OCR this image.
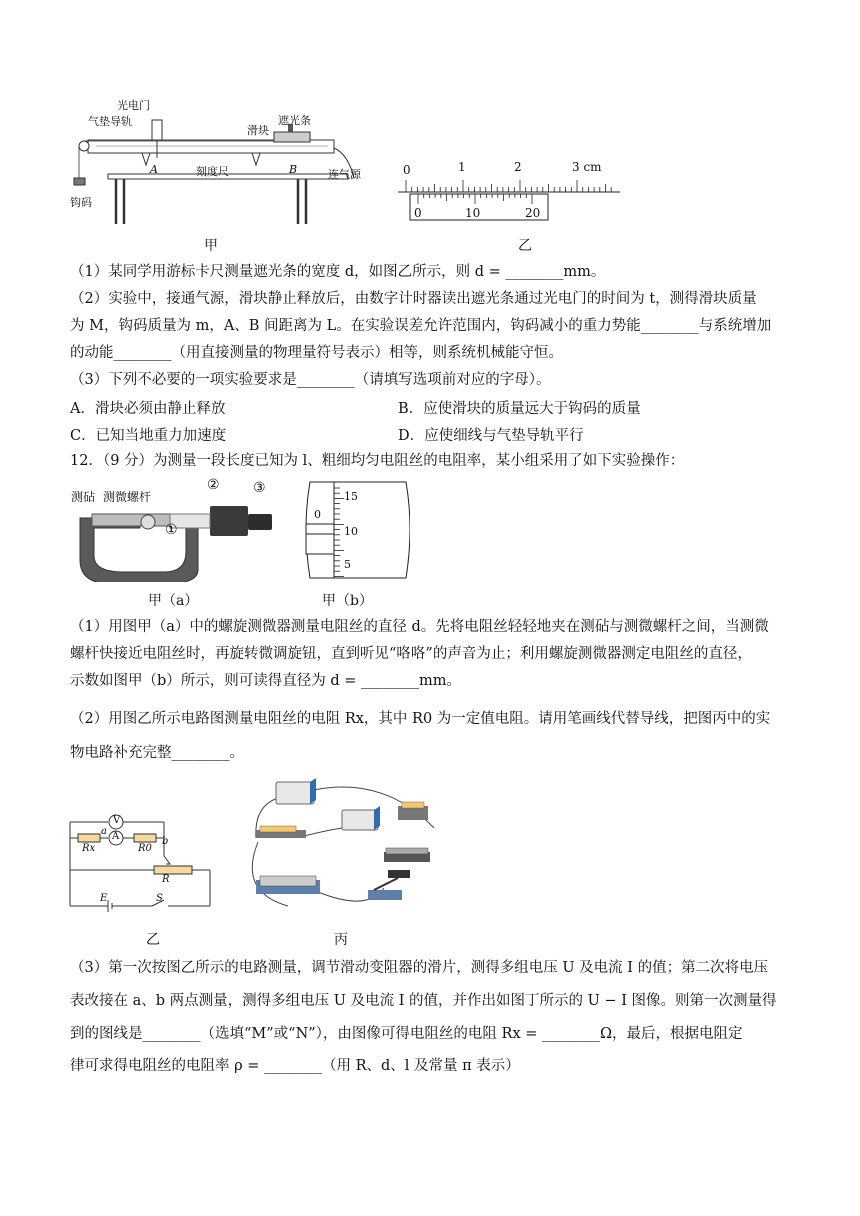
光电门
气垫导轨	遮光条
滑块
A	B
刻度尺	连气源
钩码
甲
0	1	2	3 cm
0	10	20
乙
（1）某同学用游标卡尺测量遮光条的宽度 d，如图乙所示，则 d = ________mm。
（2）实验中，接通气源，滑块静止释放后，由数字计时器读出遮光条通过光电门的时间为 t，测得滑块质量
为 M，钩码质量为 m，A、B 间距离为 L。在实验误差允许范围内，钩码减小的重力势能________与系统增加
的动能________（用直接测量的物理量符号表示）相等，则系统机械能守恒。
（3）下列不必要的一项实验要求是________（请填写选项前对应的字母）。
A．滑块必须由静止释放	B．应使滑块的质量远大于钩码的质量
C．已知当地重力加速度	D．应使细线与气垫导轨平行
12．（9 分）为测量一段长度已知为 l、粗细均匀电阻丝的电阻率，某小组采用了如下实验操作：
测砧 测微螺杆
② ③
①
甲（a）
15
10
5
0
甲（b）
（1）用图甲（a）中的螺旋测微器测量电阻丝的直径 d。先将电阻丝轻轻地夹在测砧与测微螺杆之间，当测微
螺杆快接近电阻丝时，再旋转微调旋钮，直到听见“咯咯”的声音为止；利用螺旋测微器测定电阻丝的直径，
示数如图甲（b）所示，则可读得直径为 d = ________mm。
（2）用图乙所示电路图测量电阻丝的电阻 Rx，其中 R0 为一定值电阻。请用笔画线代替导线，把图丙中的实
物电路补充完整________。
V
A
a
b
Rx	R0
R
E	S
乙	丙
（3）第一次按图乙所示的电路测量，调节滑动变阻器的滑片，测得多组电压 U 及电流 I 的值；第二次将电压
表改接在 a、b 两点测量，测得多组电压 U 及电流 I 的值，并作出如图丁所示的 U − I 图像。则第一次测量得
到的图线是________（选填“M”或“N”），由图像可得电阻丝的电阻 Rx = ________Ω，最后，根据电阻定
律可求得电阻丝的电阻率 ρ = ________（用 R、d、l 及常量 π 表示）
